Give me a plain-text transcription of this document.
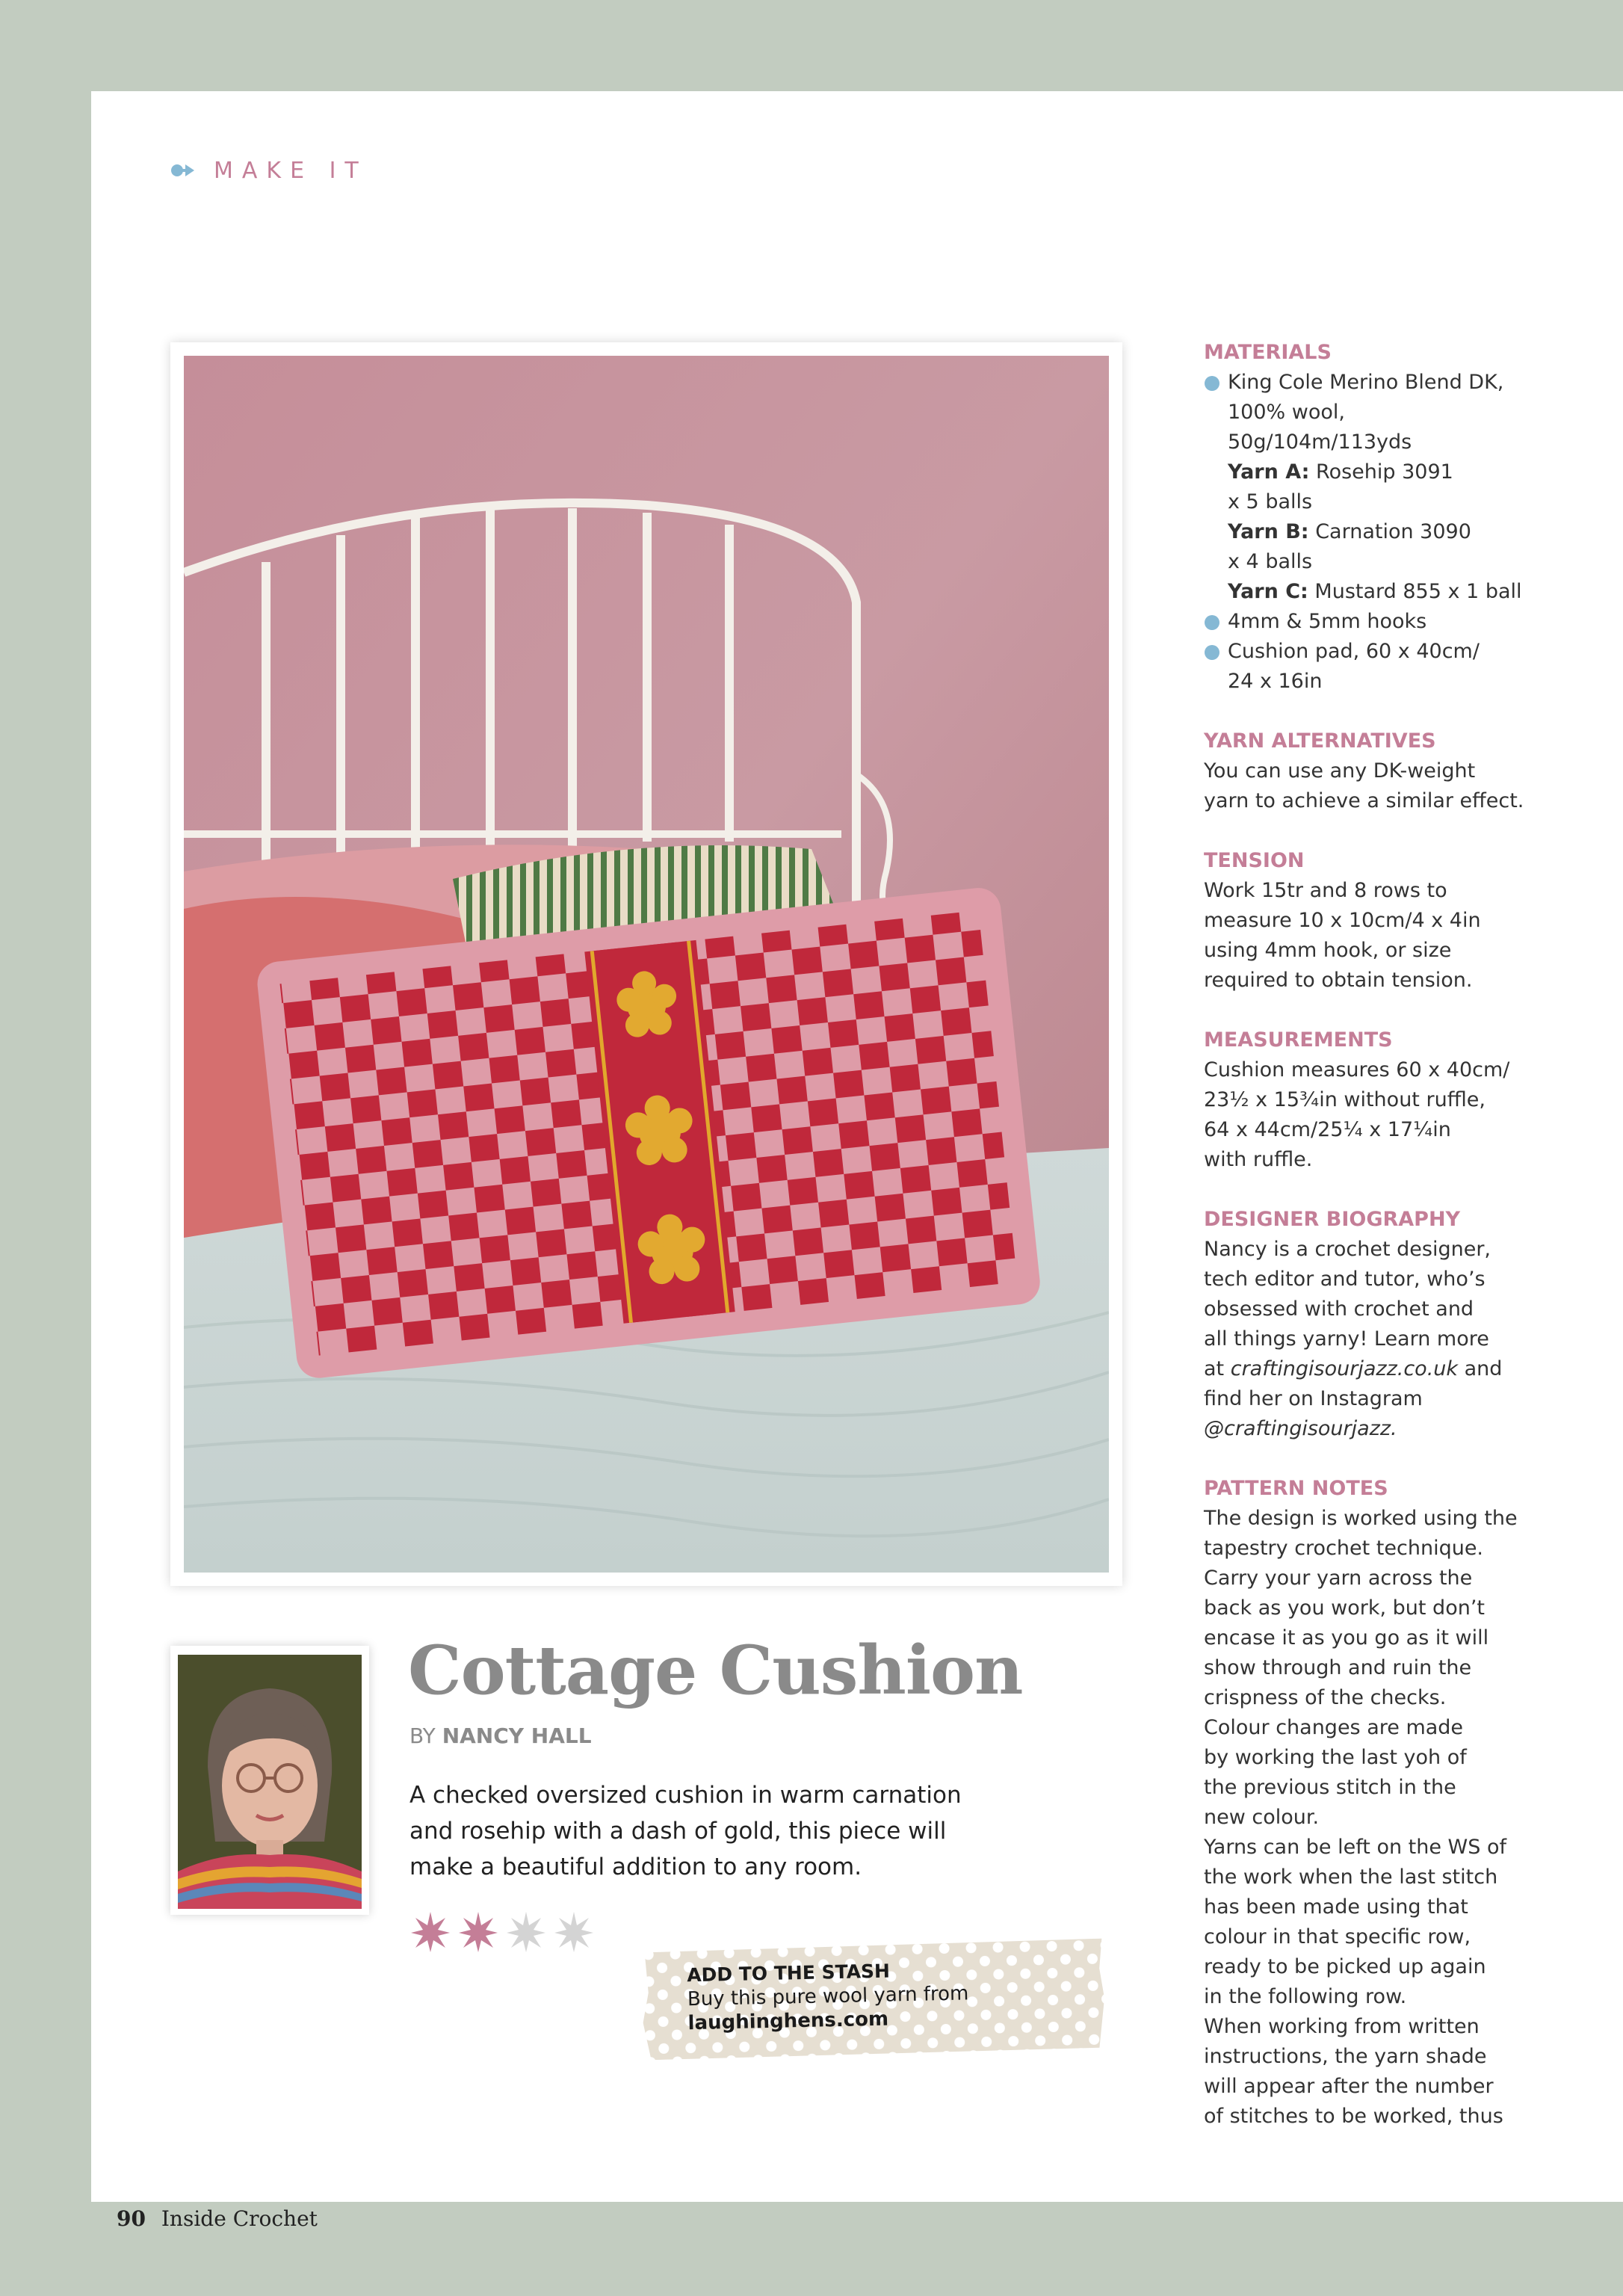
MAKE IT
Cottage Cushion
BY NANCY HALL

A checked oversized cushion in warm carnation and rosehip with a dash of gold, this piece will make a beautiful addition to any room.

ADD TO THE STASH
Buy this pure wool yarn from
laughinghens.com
MATERIALS

King Cole Merino Blend DK,
100% wool,
50g/104m/113yds
Yarn A: Rosehip 3091
x 5 balls
Yarn B: Carnation 3090
x 4 balls
Yarn C: Mustard 855 x 1 ball

4mm & 5mm hooks

Cushion pad, 60 x 40cm/
24 x 16in

YARN ALTERNATIVES

You can use any DK-weight
yarn to achieve a similar effect.

TENSION

Work 15tr and 8 rows to
measure 10 x 10cm/4 x 4in
using 4mm hook, or size
required to obtain tension.

MEASUREMENTS

Cushion measures 60 x 40cm/
23½ x 15¾in without ruffle,
64 x 44cm/25¼ x 17¼in
with ruffle.

DESIGNER BIOGRAPHY

Nancy is a crochet designer,
tech editor and tutor, who’s
obsessed with crochet and
all things yarny! Learn more
at craftingisourjazz.co.uk and
find her on Instagram
@craftingisourjazz.

PATTERN NOTES

The design is worked using the
tapestry crochet technique.
Carry your yarn across the
back as you work, but don’t
encase it as you go as it will
show through and ruin the
crispness of the checks.
Colour changes are made
by working the last yoh of
the previous stitch in the
new colour.
Yarns can be left on the WS of
the work when the last stitch
has been made using that
colour in that specific row,
ready to be picked up again
in the following row.
When working from written
instructions, the yarn shade
will appear after the number
of stitches to be worked, thus

90 Inside Crochet
